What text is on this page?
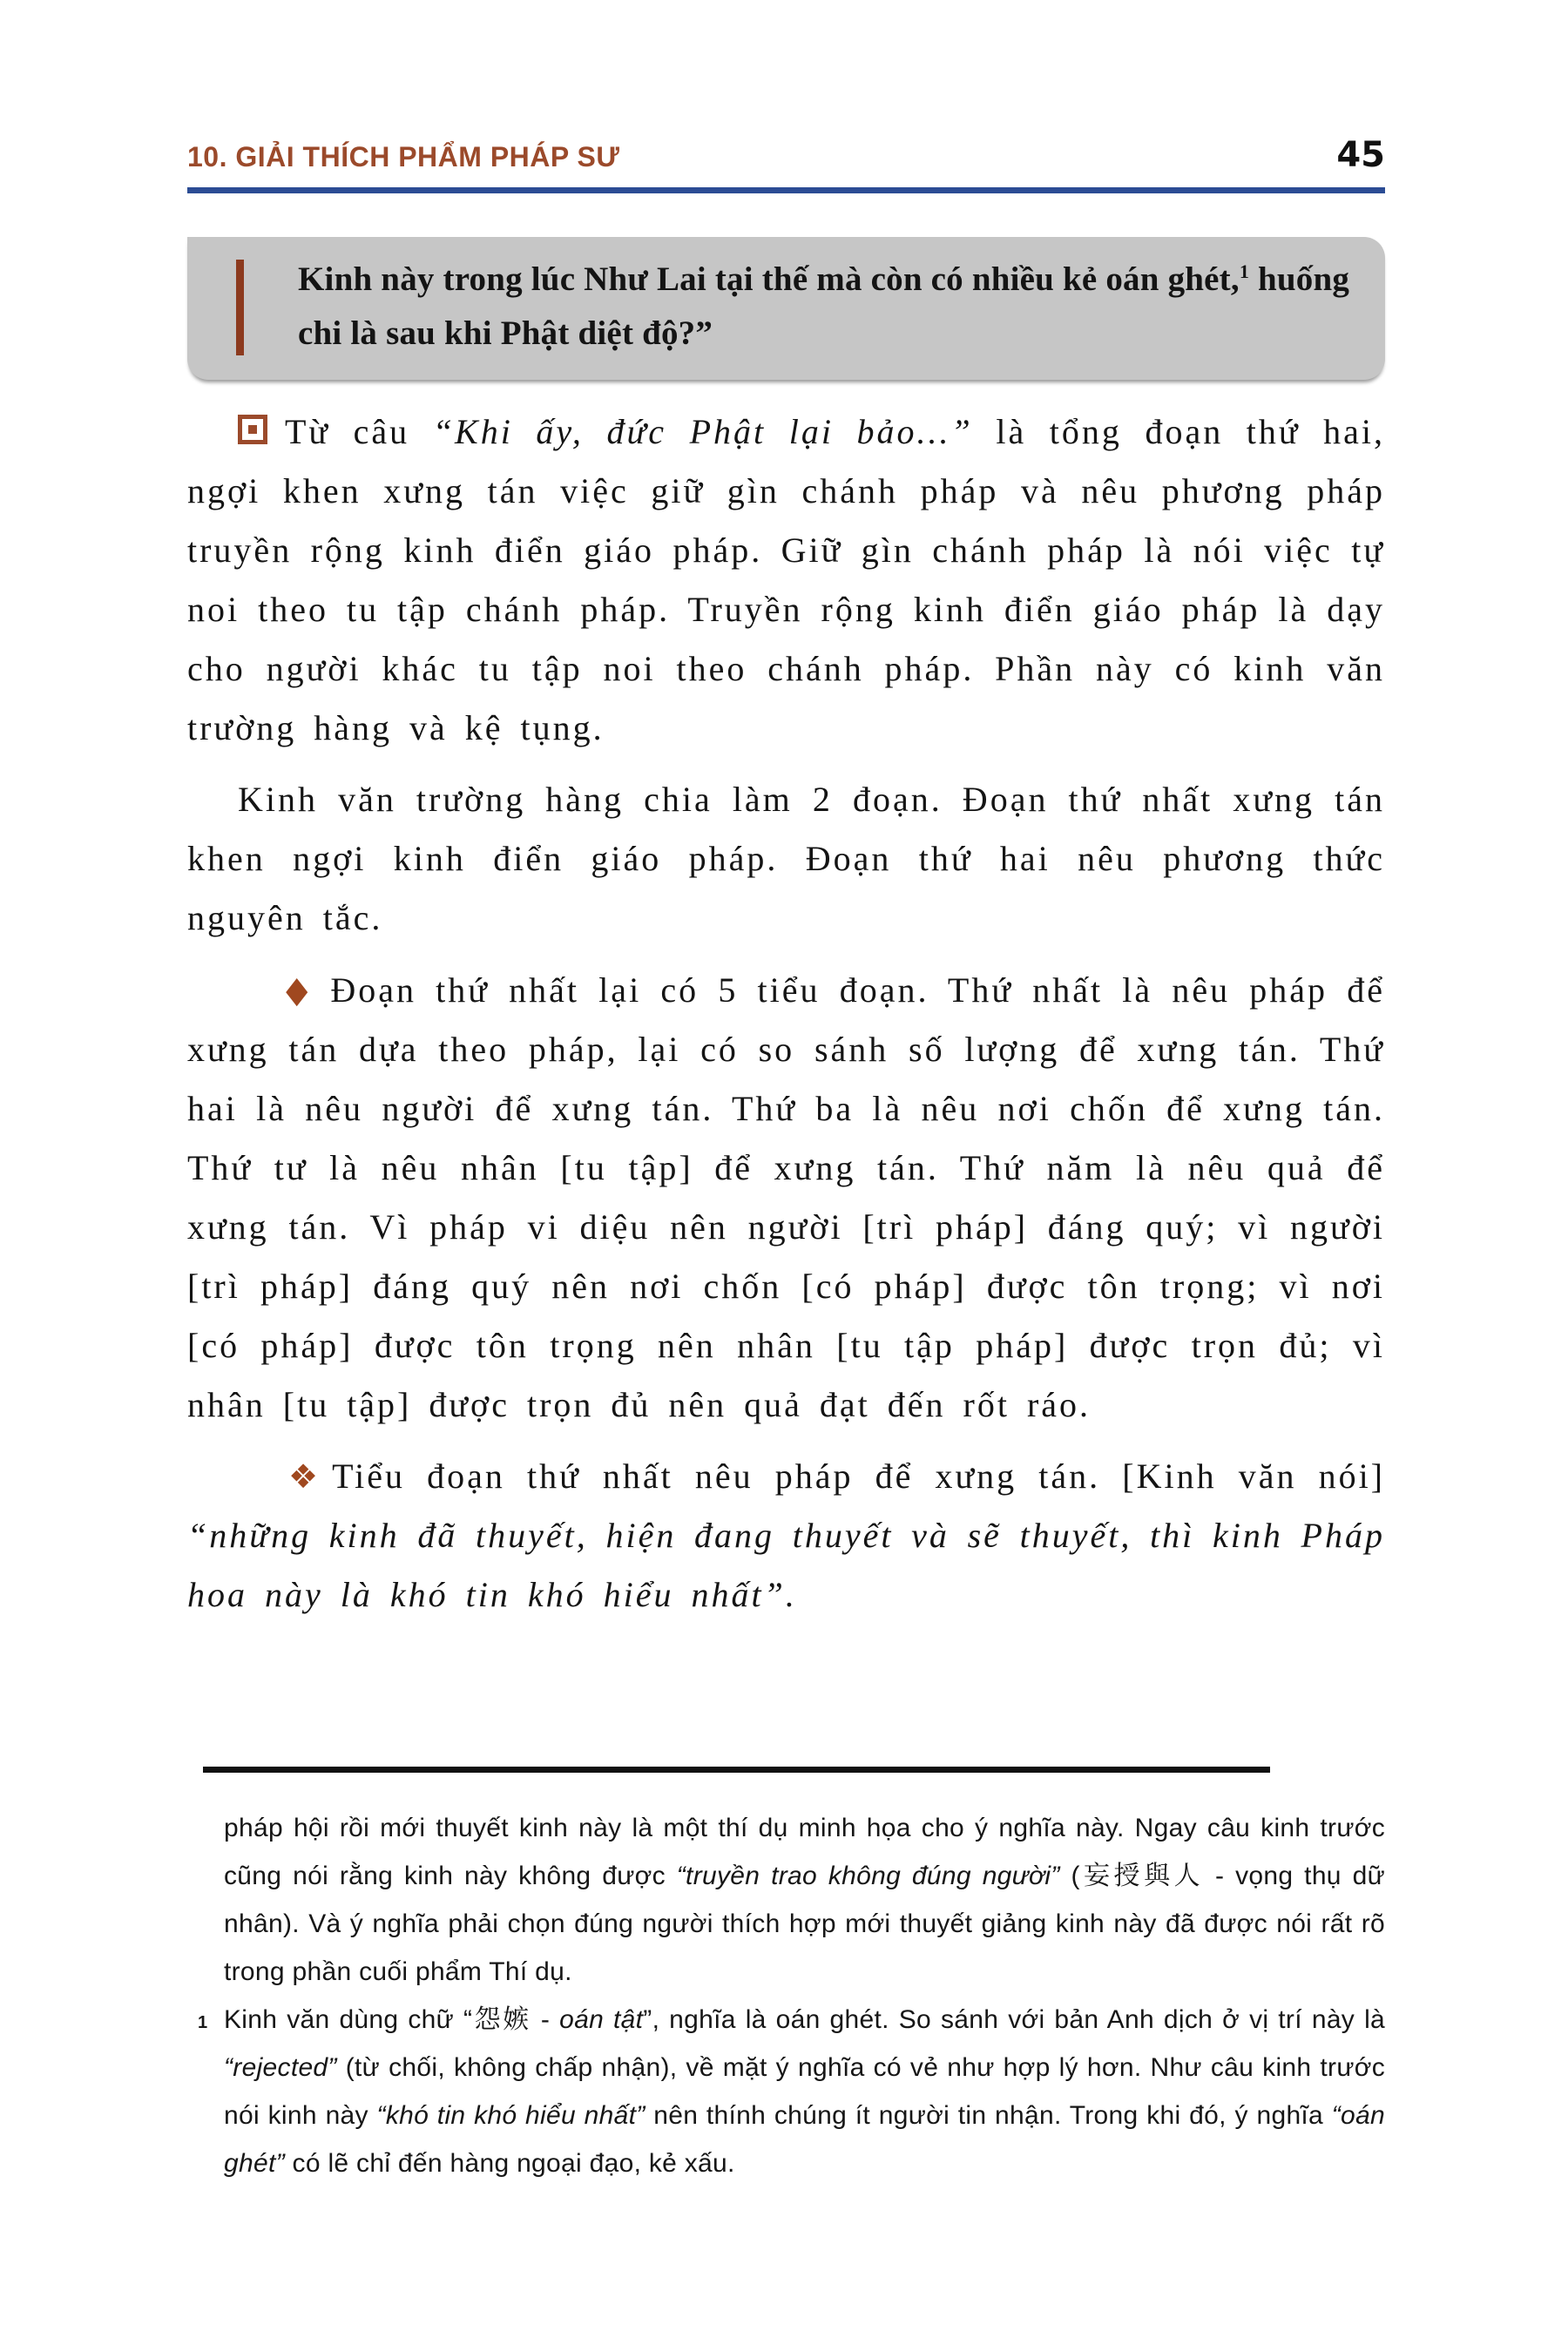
10. GIẢI THÍCH PHẨM PHÁP SƯ	45

Kinh này trong lúc Như Lai tại thế mà còn có nhiều kẻ oán ghét,$^1$ huống chi là sau khi Phật diệt độ?”

Từ câu “Khi ấy, đức Phật lại bảo...” là tổng đoạn thứ hai, ngợi khen xưng tán việc giữ gìn chánh pháp và nêu phương pháp truyền rộng kinh điển giáo pháp. Giữ gìn chánh pháp là nói việc tự noi theo tu tập chánh pháp. Truyền rộng kinh điển giáo pháp là dạy cho người khác tu tập noi theo chánh pháp. Phần này có kinh văn trường hàng và kệ tụng.

Kinh văn trường hàng chia làm 2 đoạn. Đoạn thứ nhất xưng tán khen ngợi kinh điển giáo pháp. Đoạn thứ hai nêu phương thức nguyên tắc.

◆ Đoạn thứ nhất lại có 5 tiểu đoạn. Thứ nhất là nêu pháp để xưng tán dựa theo pháp, lại có so sánh số lượng để xưng tán. Thứ hai là nêu người để xưng tán. Thứ ba là nêu nơi chốn để xưng tán. Thứ tư là nêu nhân [tu tập] để xưng tán. Thứ năm là nêu quả để xưng tán. Vì pháp vi diệu nên người [trì pháp] đáng quý; vì người [trì pháp] đáng quý nên nơi chốn [có pháp] được tôn trọng; vì nơi [có pháp] được tôn trọng nên nhân [tu tập pháp] được trọn đủ; vì nhân [tu tập] được trọn đủ nên quả đạt đến rốt ráo.

❖ Tiểu đoạn thứ nhất nêu pháp để xưng tán. [Kinh văn nói] “những kinh đã thuyết, hiện đang thuyết và sẽ thuyết, thì kinh Pháp hoa này là khó tin khó hiểu nhất”.

pháp hội rồi mới thuyết kinh này là một thí dụ minh họa cho ý nghĩa này. Ngay câu kinh trước cũng nói rằng kinh này không được “truyền trao không đúng người” (妄授與人 - vọng thụ dữ nhân). Và ý nghĩa phải chọn đúng người thích hợp mới thuyết giảng kinh này đã được nói rất rõ trong phần cuối phẩm Thí dụ.

1 Kinh văn dùng chữ “怨嫉 - oán tật”, nghĩa là oán ghét. So sánh với bản Anh dịch ở vị trí này là “rejected” (từ chối, không chấp nhận), về mặt ý nghĩa có vẻ như hợp lý hơn. Như câu kinh trước nói kinh này “khó tin khó hiểu nhất” nên thính chúng ít người tin nhận. Trong khi đó, ý nghĩa “oán ghét” có lẽ chỉ đến hàng ngoại đạo, kẻ xấu.
